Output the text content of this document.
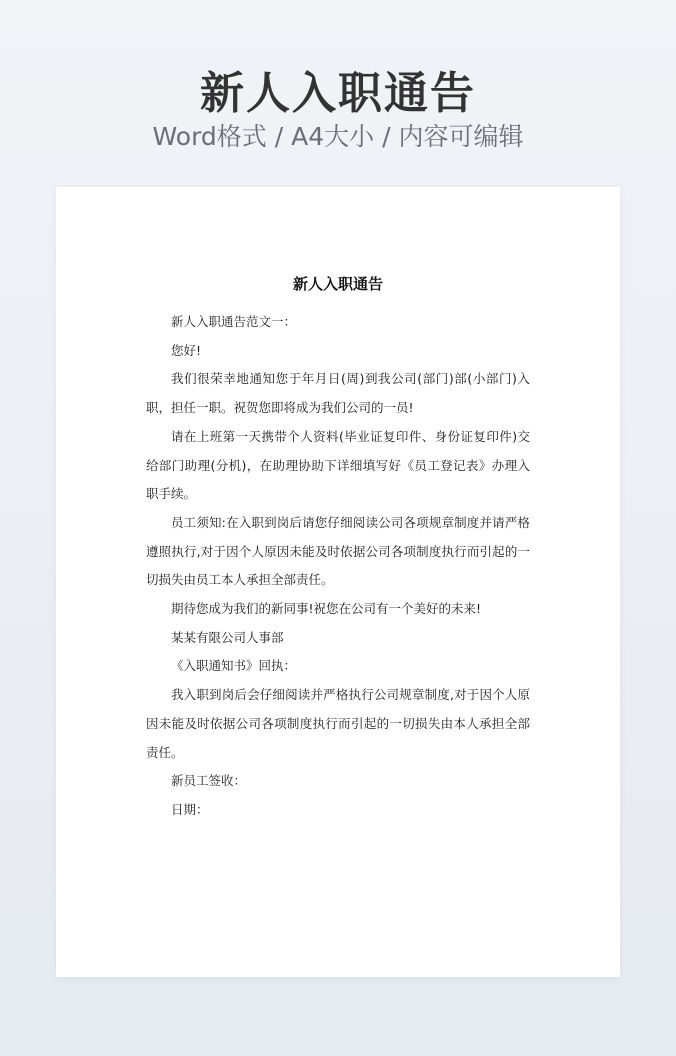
新人入职通告
Word格式 / A4大小 / 内容可编辑
新人入职通告

新人入职通告范文一：

您好!

我们很荣幸地通知您于年月日(周)到我公司(部门)部(小部门)入职，担任一职。祝贺您即将成为我们公司的一员!

请在上班第一天携带个人资料(毕业证复印件、身份证复印件)交给部门助理(分机)，在助理协助下详细填写好《员工登记表》办理入职手续。

员工须知:在入职到岗后请您仔细阅读公司各项规章制度并请严格遵照执行,对于因个人原因未能及时依据公司各项制度执行而引起的一切损失由员工本人承担全部责任。

期待您成为我们的新同事!祝您在公司有一个美好的未来!

某某有限公司人事部

《入职通知书》回执：

我入职到岗后会仔细阅读并严格执行公司规章制度,对于因个人原因未能及时依据公司各项制度执行而引起的一切损失由本人承担全部责任。

新员工签收：

日期：
